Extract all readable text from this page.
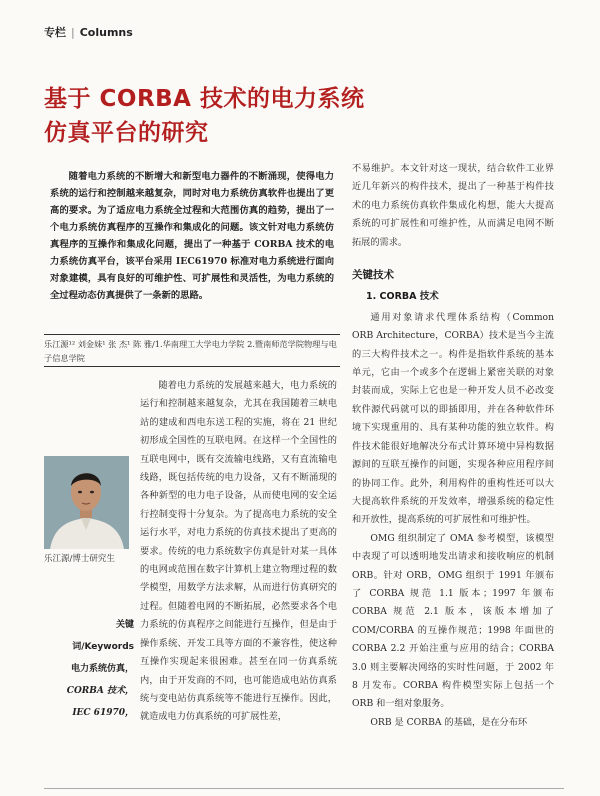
专栏 | Columns
基于 CORBA 技术的电力系统
仿真平台的研究

随着电力系统的不断增大和新型电力器件的不断涌现，使得电力系统的运行和控制越来越复杂，同时对电力系统仿真软件也提出了更高的要求。为了适应电力系统全过程和大范围仿真的趋势，提出了一个电力系统仿真程序的互操作和集成化的问题。该文针对电力系统仿真程序的互操作和集成化问题，提出了一种基于 CORBA 技术的电力系统仿真平台，该平台采用 IEC61970 标准对电力系统进行面向对象建模，具有良好的可维护性、可扩展性和灵活性，为电力系统的全过程动态仿真提供了一条新的思路。

乐江源¹² 刘金妹¹ 张 杰¹ 陈 雅/1.华南理工大学电力学院 2.暨南师范学院物理与电子信息学院
乐江源/博士研究生
关键词/Keywords
电力系统仿真，
CORBA 技术，
IEC 61970，

随着电力系统的发展越来越大，电力系统的运行和控制越来越复杂，尤其在我国随着三峡电站的建成和西电东送工程的实施，将在 21 世纪初形成全国性的互联电网。在这样一个全国性的互联电网中，既有交流输电线路，又有直流输电线路，既包括传统的电力设备，又有不断涌现的各种新型的电力电子设备，从而使电网的安全运行控制变得十分复杂。为了提高电力系统的安全运行水平，对电力系统的仿真技术提出了更高的要求。传统的电力系统数字仿真是针对某一具体的电网或范围在数字计算机上建立物理过程的数学模型，用数学方法求解，从而进行仿真研究的过程。但随着电网的不断拓展，必然要求各个电力系统的仿真程序之间能进行互操作，但是由于操作系统、开发工具等方面的不兼容性，使这种互操作实现起来很困难。甚至在同一仿真系统内，由于开发商的不同，也可能造成电站仿真系统与变电站仿真系统等不能进行互操作。因此，就造成电力仿真系统的可扩展性差，

不易维护。本文针对这一现状，结合软件工业界近几年新兴的构件技术，提出了一种基于构件技术的电力系统仿真软件集成化构想，能大大提高系统的可扩展性和可维护性，从而满足电网不断拓展的需求。

关键技术
1. CORBA 技术

通用对象请求代理体系结构（Common ORB Architecture，CORBA）技术是当今主流的三大构件技术之一。构件是指软件系统的基本单元，它由一个或多个在逻辑上紧密关联的对象封装而成，实际上它也是一种开发人员不必改变软件源代码就可以的即插即用，并在各种软件环境下实现重用的、具有某种功能的独立软件。构件技术能很好地解决分布式计算环境中异构数据源间的互联互操作的问题，实现各种应用程序间的协同工作。此外，利用构件的重构性还可以大大提高软件系统的开发效率，增强系统的稳定性和开放性，提高系统的可扩展性和可维护性。

OMG 组织制定了 OMA 参考模型，该模型中表现了可以透明地发出请求和接收响应的机制 ORB。针对 ORB，OMG 组织于 1991 年颁布了 CORBA 规范 1.1 版本；1997 年颁布 CORBA 规范 2.1 版本，该版本增加了 COM/CORBA 的互操作规范；1998 年面世的 CORBA 2.2 开始注重与应用的结合；CORBA 3.0 则主要解决网络的实时性问题，于 2002 年 8 月发布。CORBA 构件模型实际上包括一个 ORB 和一组对象服务。

ORB 是 CORBA 的基础，是在分布环
